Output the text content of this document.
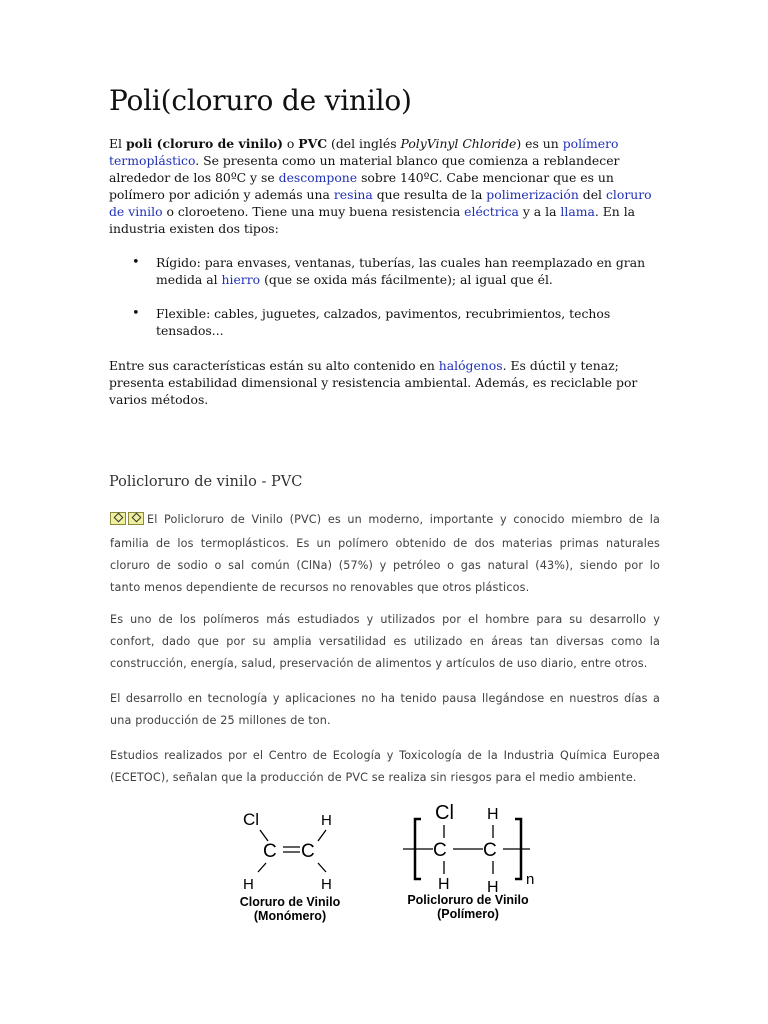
Poli(cloruro de vinilo)

El poli (cloruro de vinilo) o PVC (del inglés PolyVinyl Chloride) es un polímero
termoplástico. Se presenta como un material blanco que comienza a reblandecer
alrededor de los 80ºC y se descompone sobre 140ºC. Cabe mencionar que es un
polímero por adición y además una resina que resulta de la polimerización del cloruro
de vinilo o cloroeteno. Tiene una muy buena resistencia eléctrica y a la llama. En la
industria existen dos tipos:

• Rígido: para envases, ventanas, tuberías, las cuales han reemplazado en gran
medida al hierro (que se oxida más fácilmente); al igual que él.
• Flexible: cables, juguetes, calzados, pavimentos, recubrimientos, techos
tensados...

Entre sus características están su alto contenido en halógenos. Es dúctil y tenaz;
presenta estabilidad dimensional y resistencia ambiental. Además, es reciclable por
varios métodos.

Policloruro de vinilo - PVC

El Policloruro de Vinilo (PVC) es un moderno, importante y conocido miembro de la
familia de los termoplásticos. Es un polímero obtenido de dos materias primas naturales
cloruro de sodio o sal común (ClNa) (57%) y petróleo o gas natural (43%), siendo por lo
tanto menos dependiente de recursos no renovables que otros plásticos.

Es uno de los polímeros más estudiados y utilizados por el hombre para su desarrollo y
confort, dado que por su amplia versatilidad es utilizado en áreas tan diversas como la
construcción, energía, salud, preservación de alimentos y artículos de uso diario, entre otros.

El desarrollo en tecnología y aplicaciones no ha tenido pausa llegándose en nuestros días a
una producción de 25 millones de ton.

Estudios realizados por el Centro de Ecología y Toxicología de la Industria Química Europea
(ECETOC), señalan que la producción de PVC se realiza sin riesgos para el medio ambiente.

Cl	H
C C
H	H
Cloruro de Vinilo
(Monómero)
Cl H
C C
H H n
Policloruro de Vinilo
(Polímero)
